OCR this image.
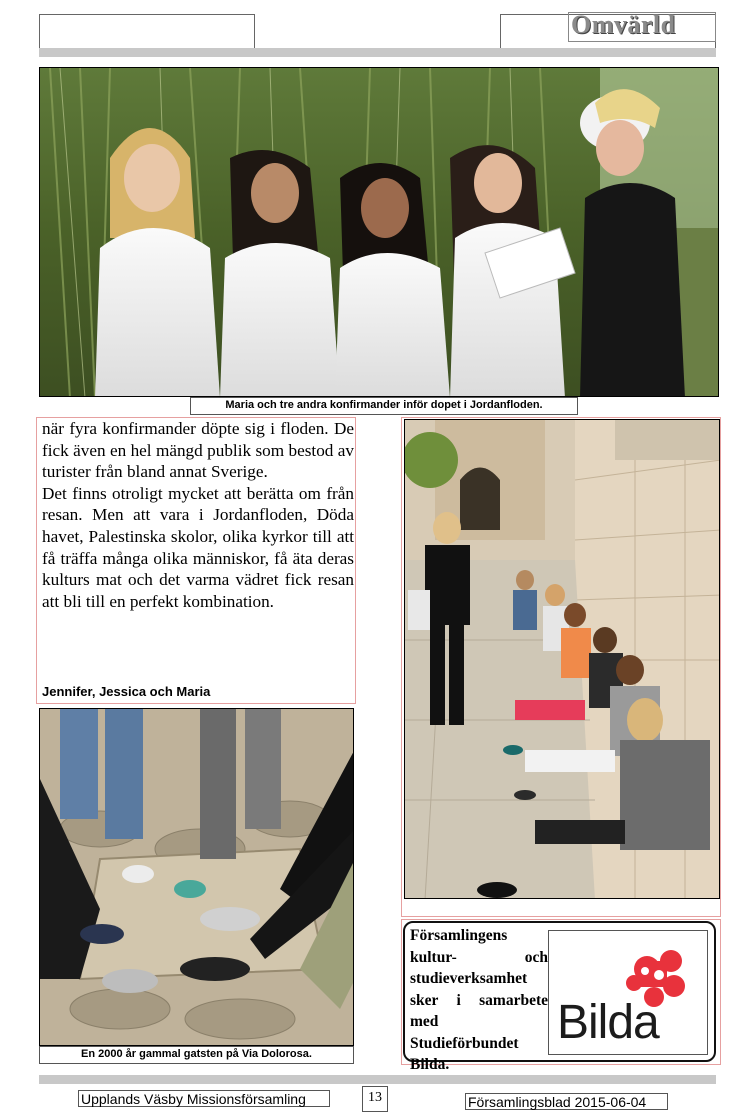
Omvärld
Maria och tre andra konfirmander inför dopet i Jordanfloden.

när fyra konfirmander döpte sig i floden. De fick även en hel mängd publik som bestod av turister från bland annat Sverige.

Det finns otroligt mycket att berätta om från resan. Men att vara i Jordanfloden, Döda havet, Palestinska skolor, olika kyrkor till att få träffa många olika människor, få äta deras kulturs mat och det varma vädret fick resan att bli till en perfekt kombination.

Jennifer, Jessica och Maria
En 2000 år gammal gatsten på Via Dolorosa.
Församlingens kultur- och studieverksamhet sker i samarbete med Studieförbundet Bilda.
Bilda
Upplands Väsby Missionsförsamling	13	Församlingsblad 2015-06-04
